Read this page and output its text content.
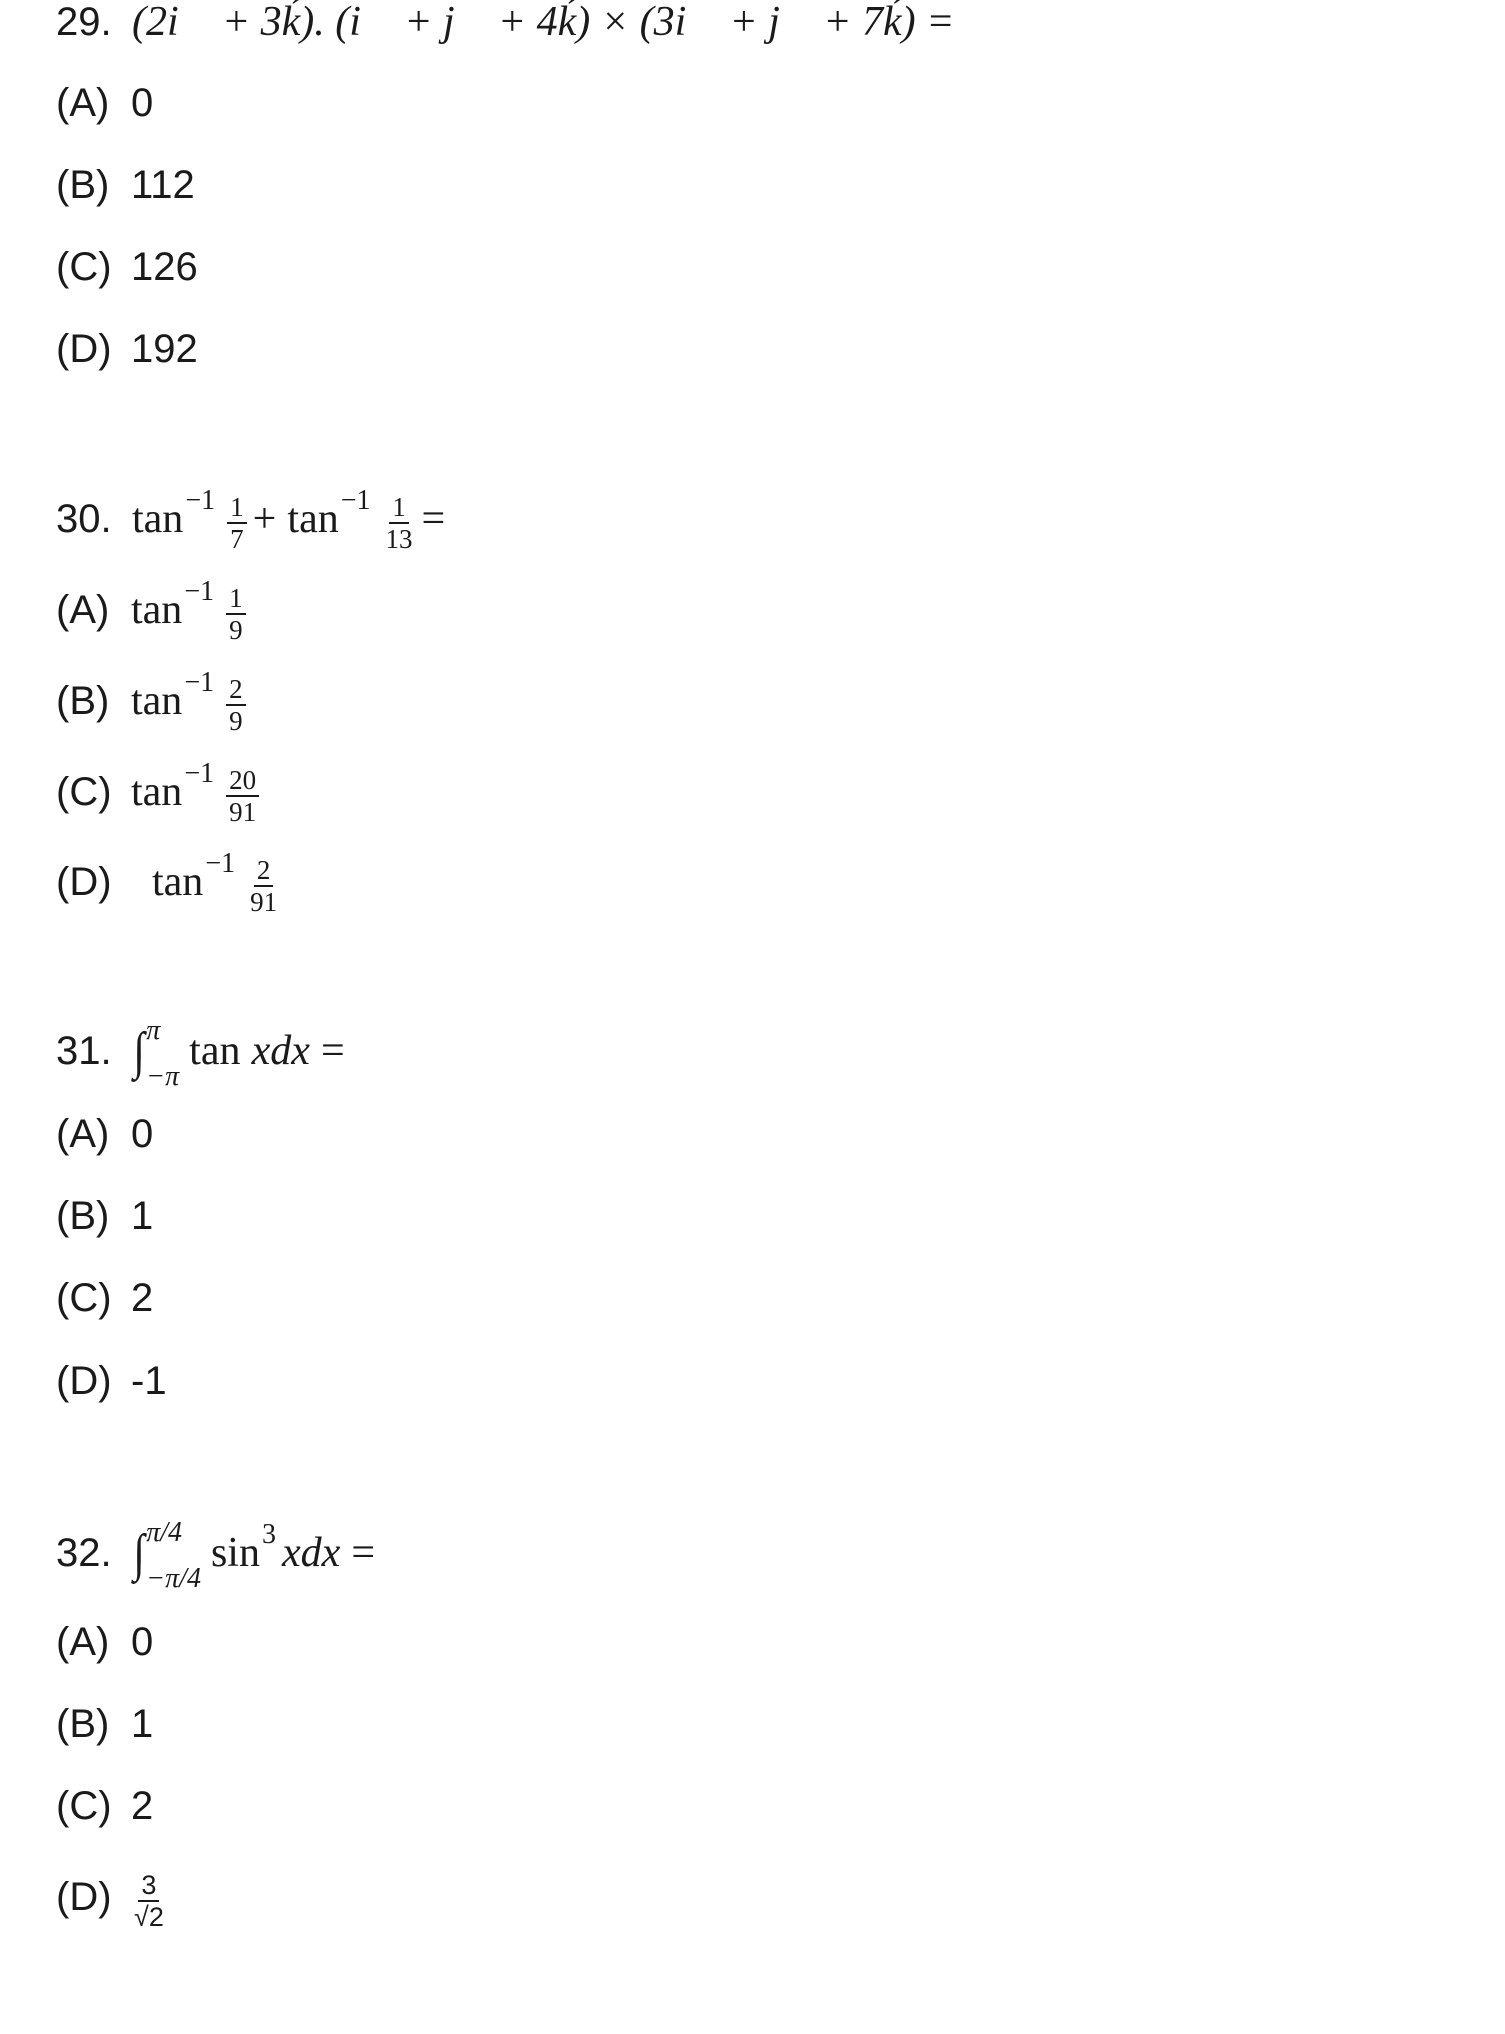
29. (2i⃗ + 3ḱ). (i⃗ + j⃗ + 4ḱ) × (3i⃗ + j⃗ + 7ḱ) =
(A) 0
(B) 112
(C) 126
(D) 192
30. $\tan -1 \frac{1}{7}$ +
$\tan -1 \frac{1}{13}$ =
(A) $\tan -1 \frac{1}{9}$
(B) $\tan -1 \frac{2}{9}$
(C) $\tan -1 \frac{20}{91}$
(D) $\tan -1 \frac{2}{91}$
31. ∫ π
−π
tan
xdx
=
(A) 0
(B) 1
(C) 2
(D) -1
32. ∫ π/4
−π/4
sin 3 xdx
=
(A) 0
(B) 1
(C) 2
$(D) \frac{3}{√2}$
